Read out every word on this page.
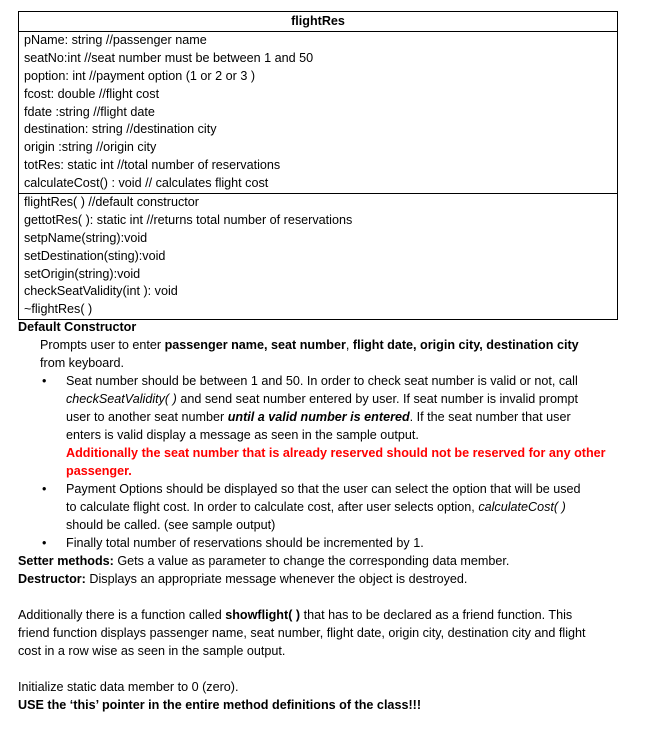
flightRes
pName: string //passenger name
seatNo:int //seat number must be between 1 and 50
poption: int //payment option (1 or 2 or 3 )
fcost: double //flight cost
fdate :string //flight date
destination: string //destination city
origin :string //origin city
totRes: static int //total number of reservations
calculateCost() : void // calculates flight cost
flightRes( ) //default constructor
gettotRes( ): static int //returns total number of reservations
setpName(string):void
setDestination(sting):void
setOrigin(string):void
checkSeatValidity(int ): void
~flightRes( )

Default Constructor

Prompts user to enter passenger name, seat number, flight date, origin city, destination city

from keyboard.

• Seat number should be between 1 and 50. In order to check seat number is valid or not, call
checkSeatValidity( ) and send seat number entered by user. If seat number is invalid prompt
user to another seat number until a valid number is entered. If the seat number that user
enters is valid display a message as seen in the sample output.
Additionally the seat number that is already reserved should not be reserved for any other
passenger.
• Payment Options should be displayed so that the user can select the option that will be used
to calculate flight cost. In order to calculate cost, after user selects option, calculateCost( )
should be called. (see sample output)
• Finally total number of reservations should be incremented by 1.

Setter methods: Gets a value as parameter to change the corresponding data member.

Destructor: Displays an appropriate message whenever the object is destroyed.

Additionally there is a function called showflight( ) that has to be declared as a friend function. This

friend function displays passenger name, seat number, flight date, origin city, destination city and flight

cost in a row wise as seen in the sample output.

Initialize static data member to 0 (zero).

USE the ‘this’ pointer in the entire method definitions of the class!!!
